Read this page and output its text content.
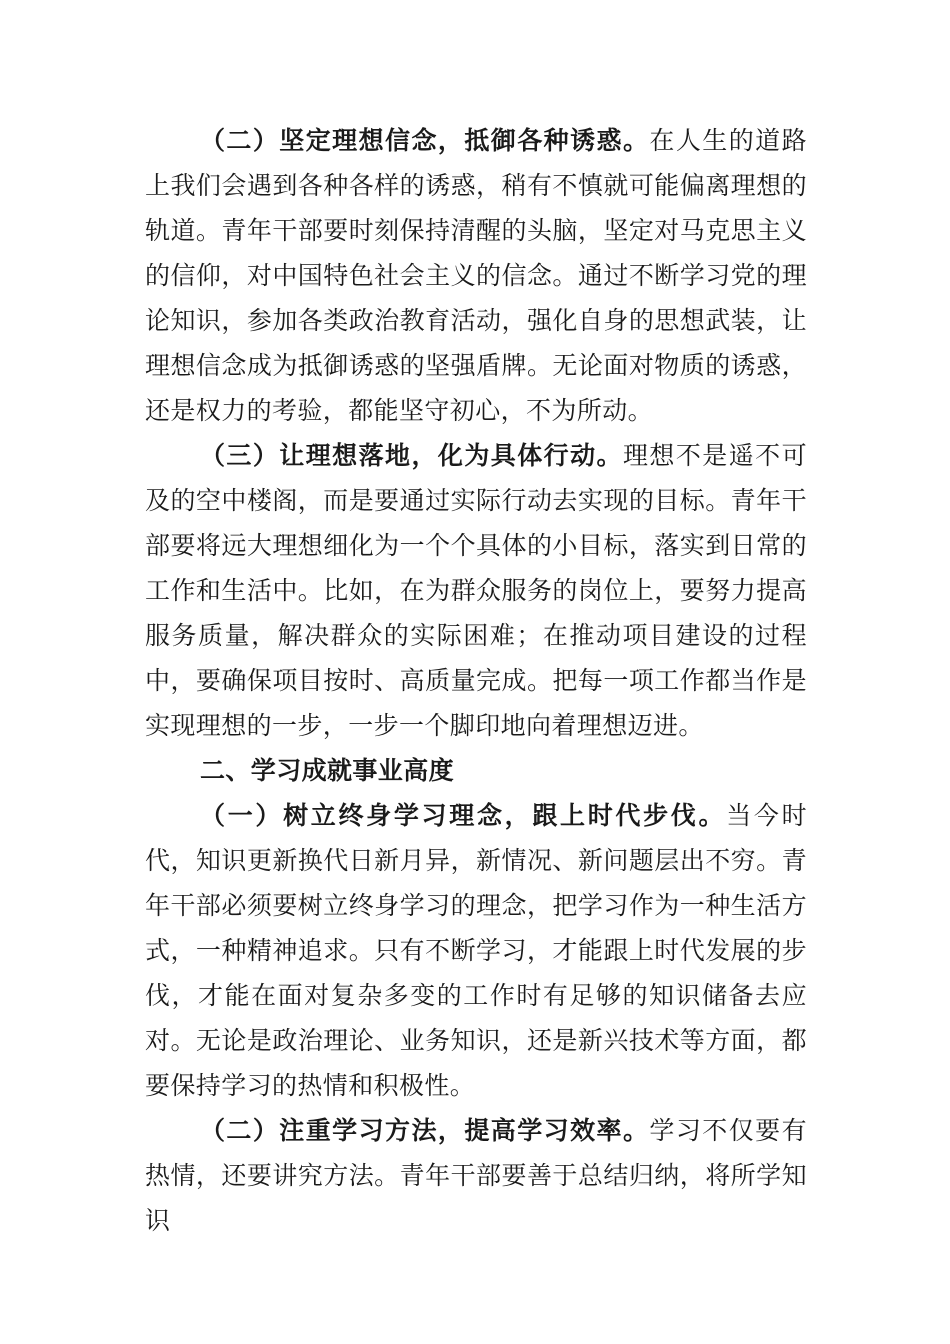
（二）坚定理想信念，抵御各种诱惑。在人生的道路上我们会遇到各种各样的诱惑，稍有不慎就可能偏离理想的轨道。青年干部要时刻保持清醒的头脑，坚定对马克思主义的信仰，对中国特色社会主义的信念。通过不断学习党的理论知识，参加各类政治教育活动，强化自身的思想武装，让理想信念成为抵御诱惑的坚强盾牌。无论面对物质的诱惑，还是权力的考验，都能坚守初心，不为所动。

（三）让理想落地，化为具体行动。理想不是遥不可及的空中楼阁，而是要通过实际行动去实现的目标。青年干部要将远大理想细化为一个个具体的小目标，落实到日常的工作和生活中。比如，在为群众服务的岗位上，要努力提高服务质量，解决群众的实际困难；在推动项目建设的过程中，要确保项目按时、高质量完成。把每一项工作都当作是实现理想的一步，一步一个脚印地向着理想迈进。

二、学习成就事业高度

（一）树立终身学习理念，跟上时代步伐。当今时代，知识更新换代日新月异，新情况、新问题层出不穷。青年干部必须要树立终身学习的理念，把学习作为一种生活方式，一种精神追求。只有不断学习，才能跟上时代发展的步伐，才能在面对复杂多变的工作时有足够的知识储备去应对。无论是政治理论、业务知识，还是新兴技术等方面，都要保持学习的热情和积极性。

（二）注重学习方法，提高学习效率。学习不仅要有热情，还要讲究方法。青年干部要善于总结归纳，将所学知识
